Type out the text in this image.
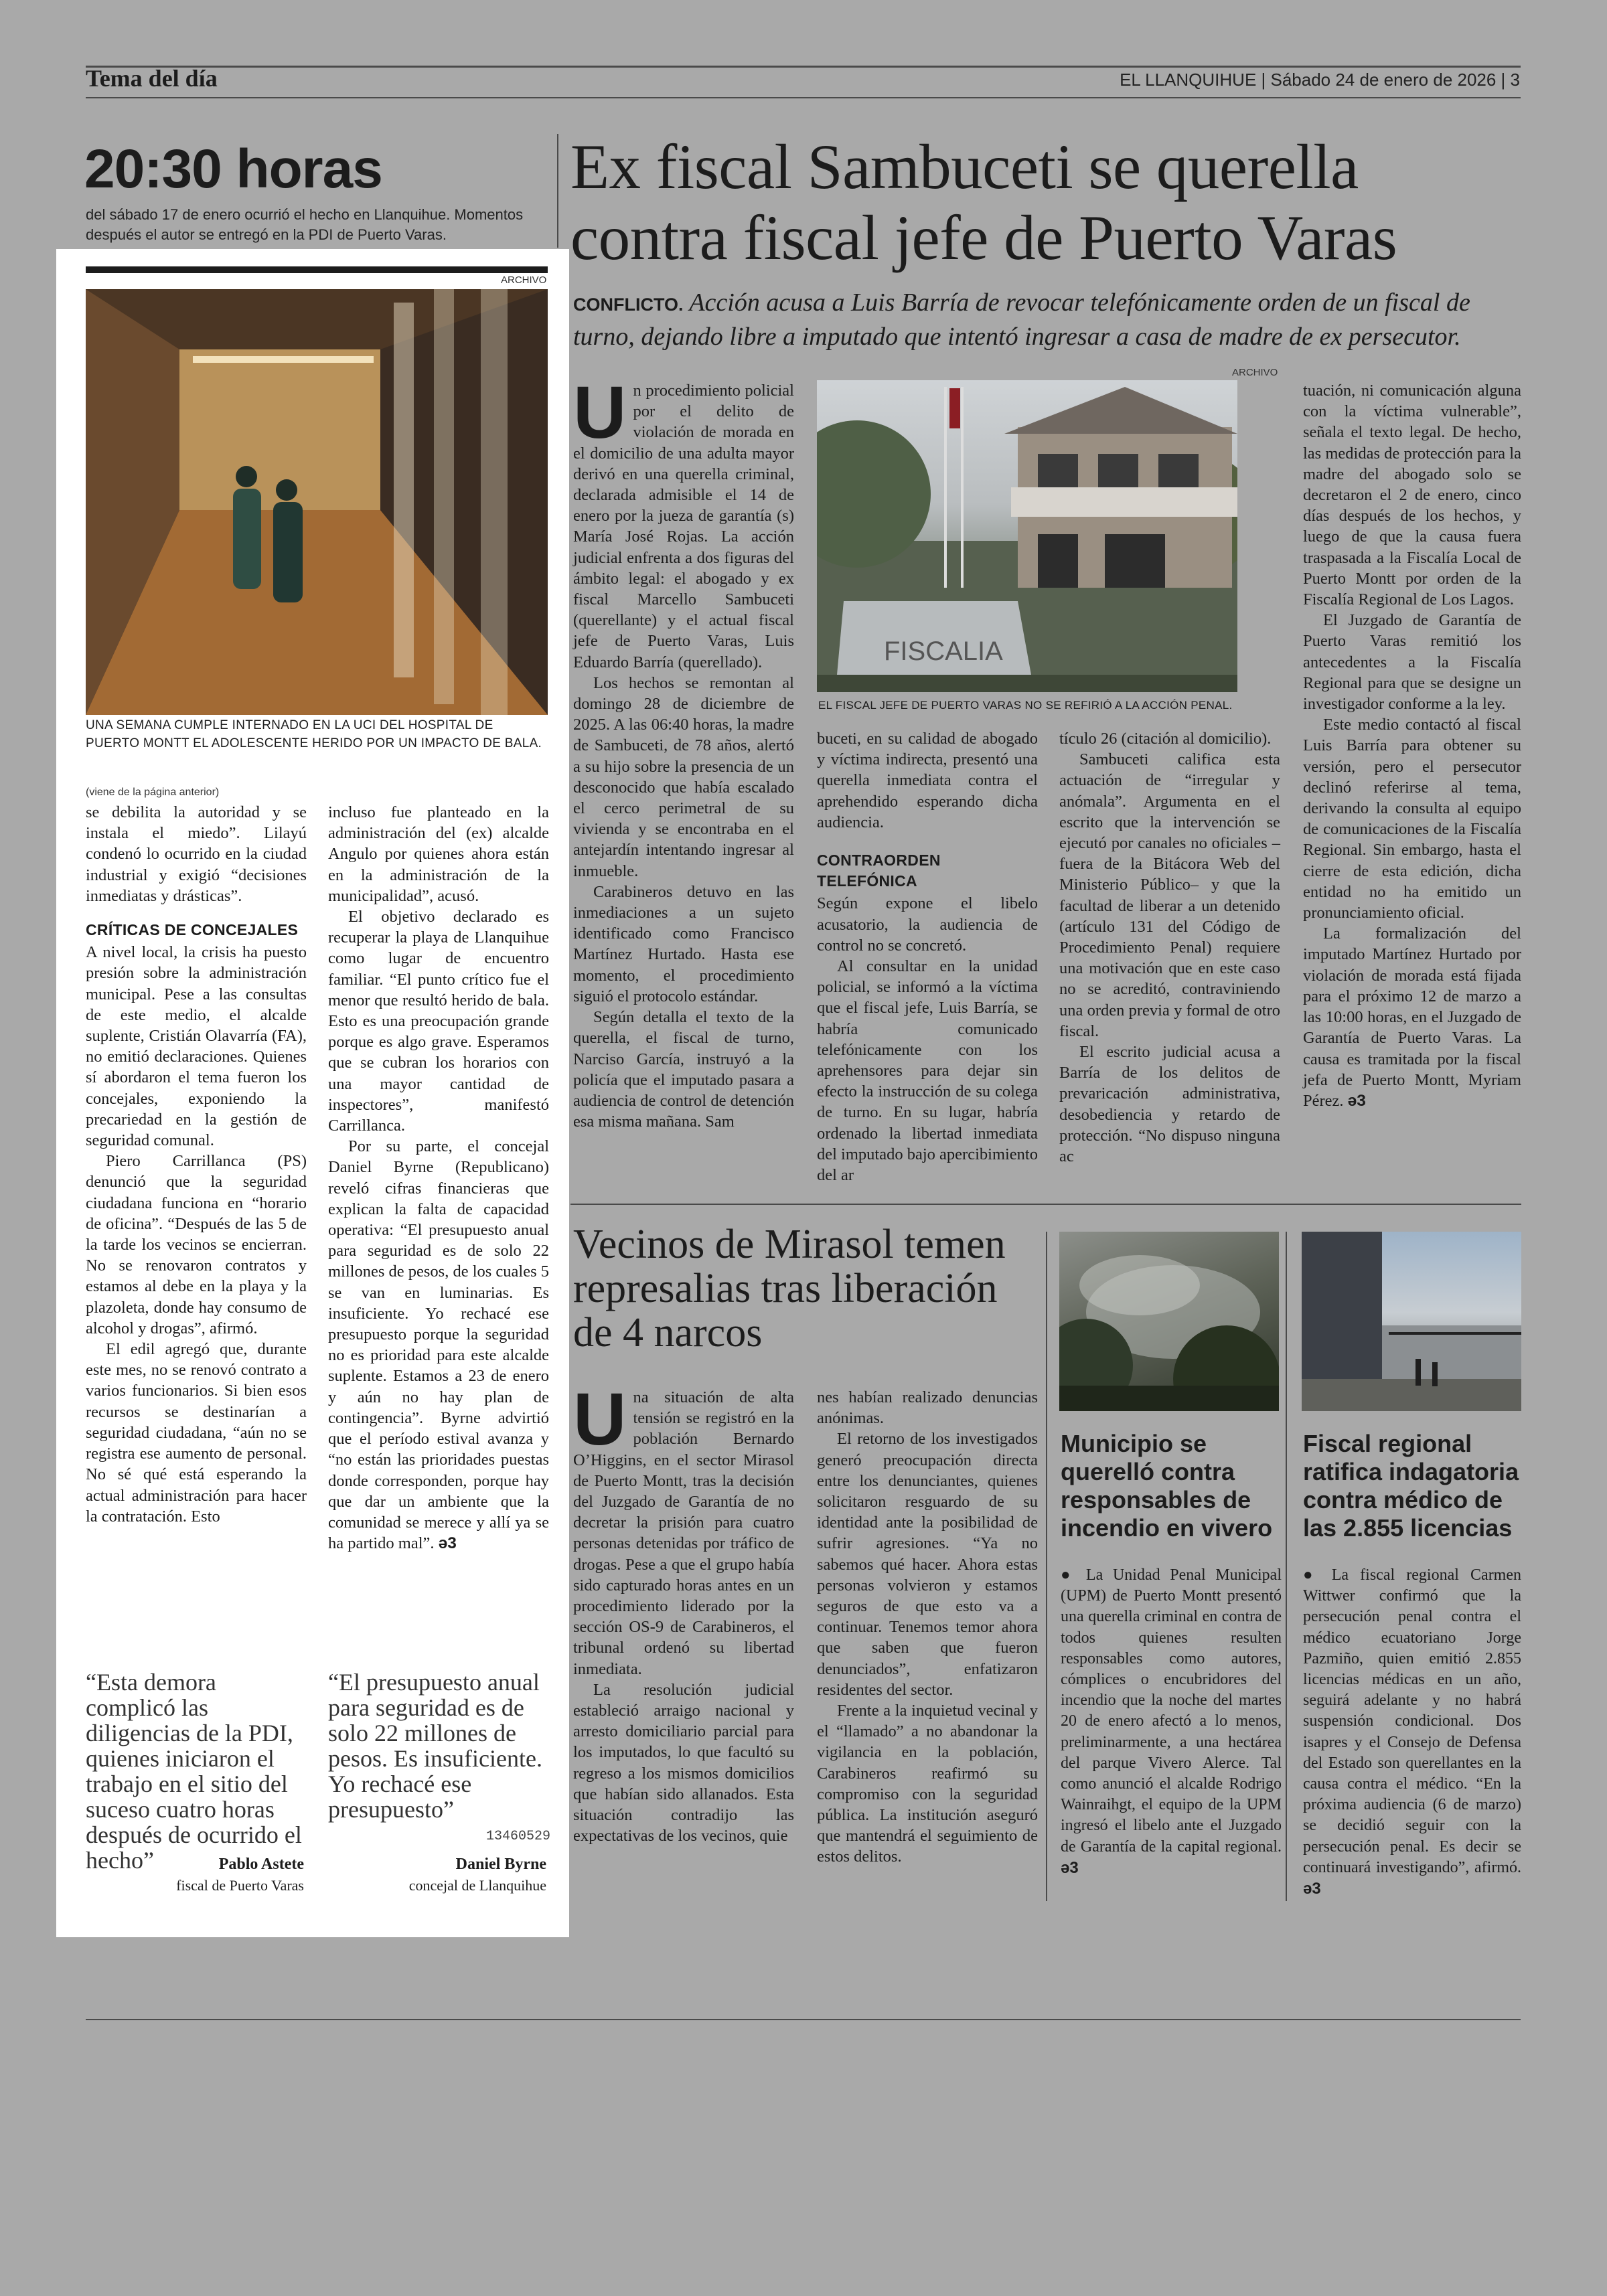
Tema del día	EL LLANQUIHUE | Sábado 24 de enero de 2026 | 3
Ex fiscal Sambuceti se querella contra fiscal jefe de Puerto Varas
CONFLICTO. Acción acusa a Luis Barría de revocar telefónicamente orden de un fiscal de turno, dejando libre a imputado que intentó ingresar a casa de madre de ex persecutor.
ARCHIVO
FISCALIA
EL FISCAL JEFE DE PUERTO VARAS NO SE REFIRIÓ A LA ACCIÓN PENAL.
U n procedimiento policial por el delito de violación de morada en el domicilio de una adulta mayor derivó en una querella criminal, declarada admisible el 14 de enero por la jueza de garantía (s) María José Rojas. La acción judicial enfrenta a dos figuras del ámbito legal: el abogado y ex fiscal Marcello Sambuceti (querellante) y el actual fiscal jefe de Puerto Varas, Luis Eduardo Barría (querellado).

Los hechos se remontan al domingo 28 de diciembre de 2025. A las 06:40 horas, la madre de Sambuceti, de 78 años, alertó a su hijo sobre la presencia de un desconocido que había escalado el cerco perimetral de su vivienda y se encontraba en el antejardín intentando ingresar al inmueble.

Carabineros detuvo en las inmediaciones a un sujeto identificado como Francisco Martínez Hurtado. Hasta ese momento, el procedimiento siguió el protocolo estándar.

Según detalla el texto de la querella, el fiscal de turno, Narciso García, instruyó a la policía que el imputado pasara a audiencia de control de detención esa misma mañana. Sam

buceti, en su calidad de abogado y víctima indirecta, presentó una querella inmediata contra el aprehendido esperando dicha audiencia.

CONTRAORDEN TELEFÓNICA

Según expone el libelo acusatorio, la audiencia de control no se concretó.

Al consultar en la unidad policial, se informó a la víctima que el fiscal jefe, Luis Barría, se habría comunicado telefónicamente con los aprehensores para dejar sin efecto la instrucción de su colega de turno. En su lugar, habría ordenado la libertad inmediata del imputado bajo apercibimiento del ar

tículo 26 (citación al domicilio).

Sambuceti califica esta actuación de “irregular y anómala”. Argumenta en el escrito que la intervención se ejecutó por canales no oficiales –fuera de la Bitácora Web del Ministerio Público– y que la facultad de liberar a un detenido (artículo 131 del Código de Procedimiento Penal) requiere una motivación que en este caso no se acreditó, contraviniendo una orden previa y formal de otro fiscal.

El escrito judicial acusa a Barría de los delitos de prevaricación administrativa, desobediencia y retardo de protección. “No dispuso ninguna ac

tuación, ni comunicación alguna con la víctima vulnerable”, señala el texto legal. De hecho, las medidas de protección para la madre del abogado solo se decretaron el 2 de enero, cinco días después de los hechos, y luego de que la causa fuera traspasada a la Fiscalía Local de Puerto Montt por orden de la Fiscalía Regional de Los Lagos.

El Juzgado de Garantía de Puerto Varas remitió los antecedentes a la Fiscalía Regional para que se designe un investigador conforme a la ley.

Este medio contactó al fiscal Luis Barría para obtener su versión, pero el persecutor declinó referirse al tema, derivando la consulta al equipo de comunicaciones de la Fiscalía Regional. Sin embargo, hasta el cierre de esta edición, dicha entidad no ha emitido un pronunciamiento oficial.

La formalización del imputado Martínez Hurtado por violación de morada está fijada para el próximo 12 de marzo a las 10:00 horas, en el Juzgado de Garantía de Puerto Varas. La causa es tramitada por la fiscal jefa de Puerto Montt, Myriam Pérez. ǝ3

Vecinos de Mirasol temen represalias tras liberación de 4 narcos
U na situación de alta tensión se registró en la población Bernardo O’Higgins, en el sector Mirasol de Puerto Montt, tras la decisión del Juzgado de Garantía de no decretar la prisión para cuatro personas detenidas por tráfico de drogas. Pese a que el grupo había sido capturado horas antes en un procedimiento liderado por la sección OS-9 de Carabineros, el tribunal ordenó su libertad inmediata.

La resolución judicial estableció arraigo nacional y arresto domiciliario parcial para los imputados, lo que facultó su regreso a los mismos domicilios que habían sido allanados. Esta situación contradijo las expectativas de los vecinos, quie

nes habían realizado denuncias anónimas.

El retorno de los investigados generó preocupación directa entre los denunciantes, quienes solicitaron resguardo de su identidad ante la posibilidad de sufrir agresiones. “Ya no sabemos qué hacer. Ahora estas personas volvieron y estamos seguros de que esto va a continuar. Tenemos temor ahora que saben que fueron denunciados”, enfatizaron residentes del sector.

Frente a la inquietud vecinal y el “llamado” a no abandonar la vigilancia en la población, Carabineros reafirmó su compromiso con la seguridad pública. La institución aseguró que mantendrá el seguimiento de estos delitos.

Municipio se querelló contra responsables de incendio en vivero

● La Unidad Penal Municipal (UPM) de Puerto Montt presentó una querella criminal en contra de todos quienes resulten responsables como autores, cómplices o encubridores del incendio que la noche del martes 20 de enero afectó a lo menos, preliminarmente, a una hectárea del parque Vivero Alerce. Tal como anunció el alcalde Rodrigo Wainraihgt, el equipo de la UPM ingresó el libelo ante el Juzgado de Garantía de la capital regional. ǝ3

Fiscal regional ratifica indagatoria contra médico de las 2.855 licencias

● La fiscal regional Carmen Wittwer confirmó que la persecución penal contra el médico ecuatoriano Jorge Pazmiño, quien emitió 2.855 licencias médicas en un año, seguirá adelante y no habrá suspensión condicional. Dos isapres y el Consejo de Defensa del Estado son querellantes en la causa contra el médico. “En la próxima audiencia (6 de marzo) se decidió seguir con la persecución penal. Es decir se continuará investigando”, afirmó. ǝ3

20:30 horas
del sábado 17 de enero ocurrió el hecho en Llanquihue. Momentos después el autor se entregó en la PDI de Puerto Varas.
ARCHIVO
UNA SEMANA CUMPLE INTERNADO EN LA UCI DEL HOSPITAL DE PUERTO MONTT EL ADOLESCENTE HERIDO POR UN IMPACTO DE BALA.
(viene de la página anterior)

se debilita la autoridad y se instala el miedo”. Lilayú condenó lo ocurrido en la ciudad industrial y exigió “decisiones inmediatas y drásticas”.

CRÍTICAS DE CONCEJALES

A nivel local, la crisis ha puesto presión sobre la administración municipal. Pese a las consultas de este medio, el alcalde suplente, Cristián Olavarría (FA), no emitió declaraciones. Quienes sí abordaron el tema fueron los concejales, exponiendo la precariedad en la gestión de seguridad comunal.

Piero Carrillanca (PS) denunció que la seguridad ciudadana funciona en “horario de oficina”. “Después de las 5 de la tarde los vecinos se encierran. No se renovaron contratos y estamos al debe en la playa y la plazoleta, donde hay consumo de alcohol y drogas”, afirmó.

El edil agregó que, durante este mes, no se renovó contrato a varios funcionarios. Si bien esos recursos se destinarían a seguridad ciudadana, “aún no se registra ese aumento de personal. No sé qué está esperando la actual administración para hacer la contratación. Esto

incluso fue planteado en la administración del (ex) alcalde Angulo por quienes ahora están en la administración de la municipalidad”, acusó.

El objetivo declarado es recuperar la playa de Llanquihue como lugar de encuentro familiar. “El punto crítico fue el menor que resultó herido de bala. Esto es una preocupación grande porque es algo grave. Esperamos que se cubran los horarios con una mayor cantidad de inspectores”, manifestó Carrillanca.

Por su parte, el concejal Daniel Byrne (Republicano) reveló cifras financieras que explican la falta de capacidad operativa: “El presupuesto anual para seguridad es de solo 22 millones de pesos, de los cuales 5 se van en luminarias. Es insuficiente. Yo rechacé ese presupuesto porque la seguridad no es prioridad para este alcalde suplente. Estamos a 23 de enero y aún no hay plan de contingencia”. Byrne advirtió que el período estival avanza y “no están las prioridades puestas donde corresponden, porque hay que dar un ambiente que la comunidad se merece y allí ya se ha partido mal”. ǝ3

“Esta demora complicó las diligencias de la PDI, quienes iniciaron el trabajo en el sitio del suceso cuatro horas después de ocurrido el hecho”	Pablo Astete
fiscal de Puerto Varas
“El presupuesto anual para seguridad es de solo 22 millones de pesos. Es insuficiente. Yo rechacé ese presupuesto”
13460529
Daniel Byrne
concejal de Llanquihue
